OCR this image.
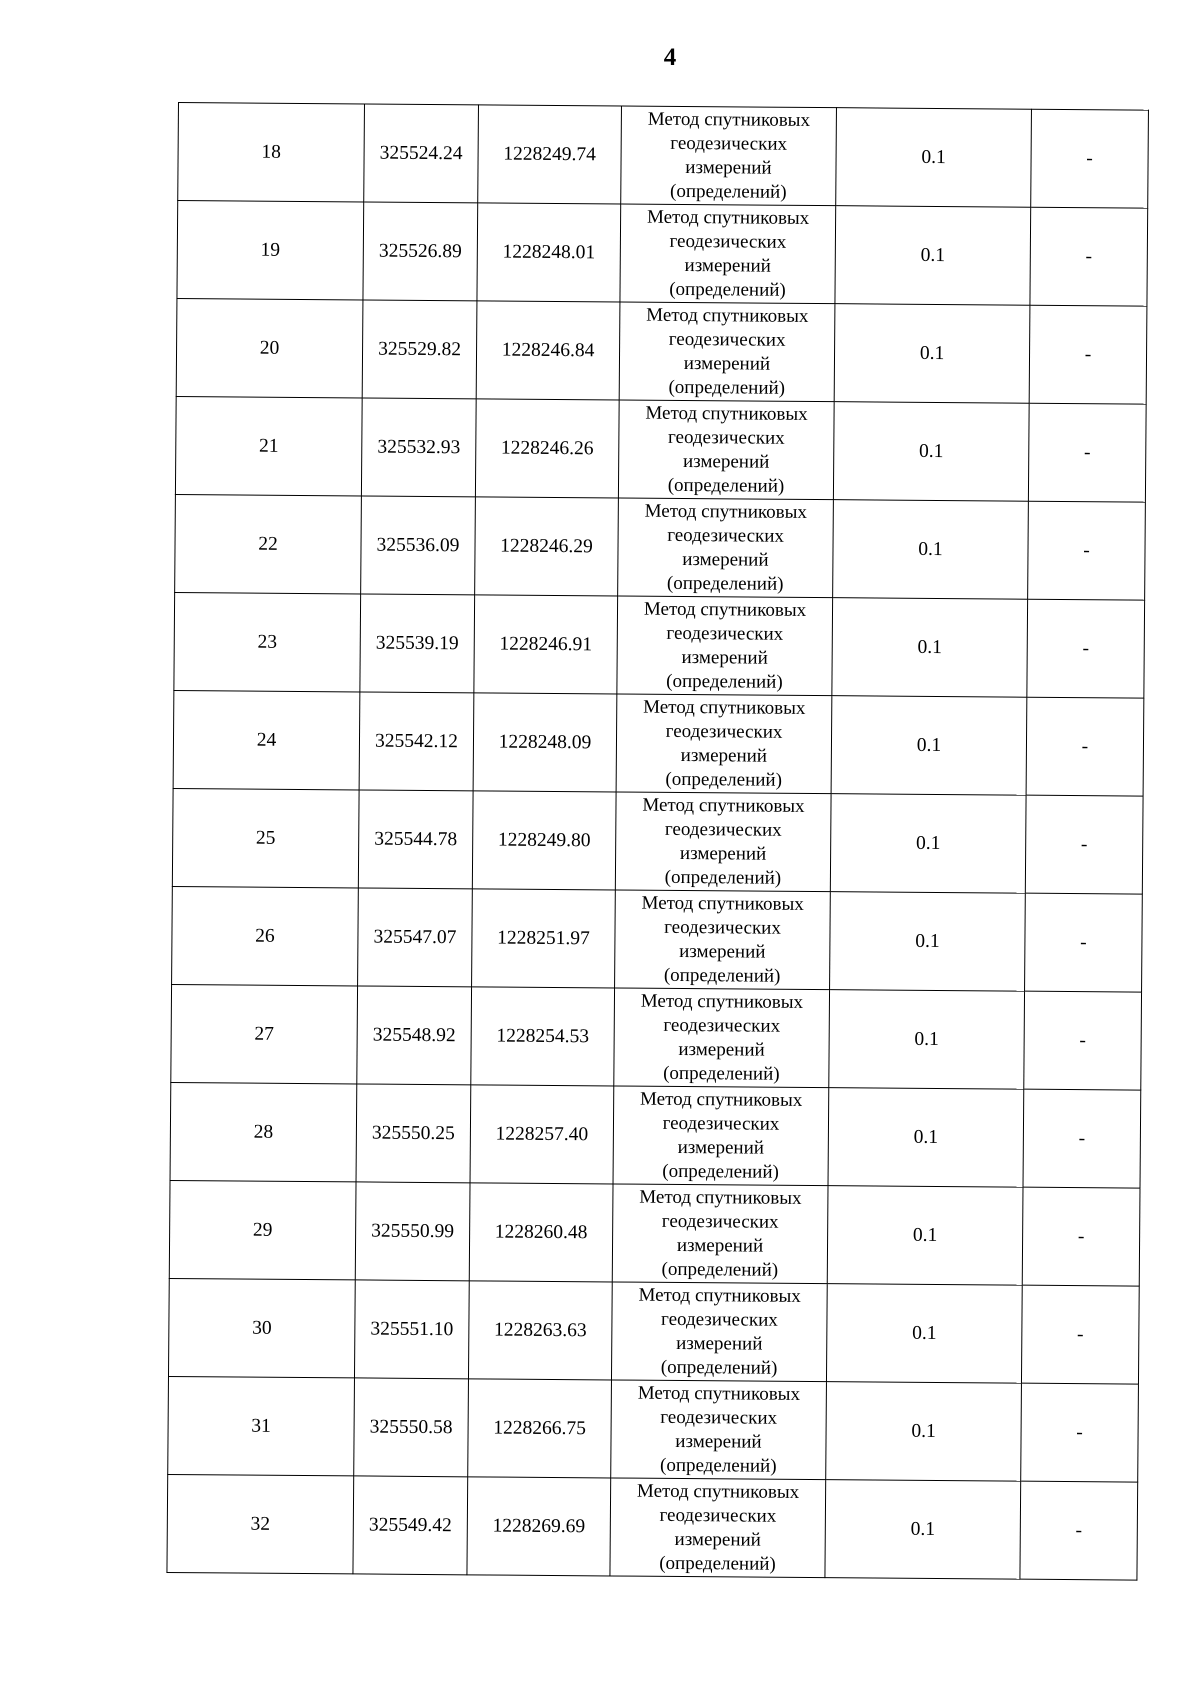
4
18	325524.24	1228249.74	Метод спутниковых
геодезических
измерений
(определений)	0.1	-
19	325526.89	1228248.01	Метод спутниковых
геодезических
измерений
(определений)	0.1	-
20	325529.82	1228246.84	Метод спутниковых
геодезических
измерений
(определений)	0.1	-
21	325532.93	1228246.26	Метод спутниковых
геодезических
измерений
(определений)	0.1	-
22	325536.09	1228246.29	Метод спутниковых
геодезических
измерений
(определений)	0.1	-
23	325539.19	1228246.91	Метод спутниковых
геодезических
измерений
(определений)	0.1	-
24	325542.12	1228248.09	Метод спутниковых
геодезических
измерений
(определений)	0.1	-
25	325544.78	1228249.80	Метод спутниковых
геодезических
измерений
(определений)	0.1	-
26	325547.07	1228251.97	Метод спутниковых
геодезических
измерений
(определений)	0.1	-
27	325548.92	1228254.53	Метод спутниковых
геодезических
измерений
(определений)	0.1	-
28	325550.25	1228257.40	Метод спутниковых
геодезических
измерений
(определений)	0.1	-
29	325550.99	1228260.48	Метод спутниковых
геодезических
измерений
(определений)	0.1	-
30	325551.10	1228263.63	Метод спутниковых
геодезических
измерений
(определений)	0.1	-
31	325550.58	1228266.75	Метод спутниковых
геодезических
измерений
(определений)	0.1	-
32	325549.42	1228269.69	Метод спутниковых
геодезических
измерений
(определений)	0.1	-
